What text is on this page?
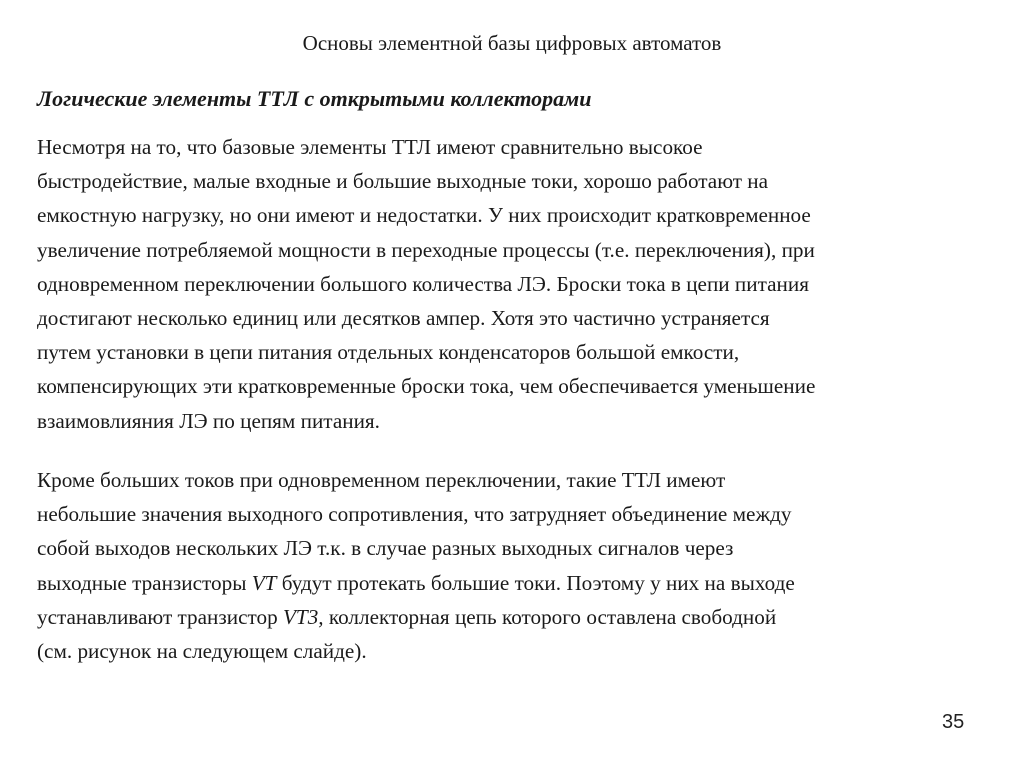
Основы элементной базы цифровых автоматов
Логические элементы ТТЛ с открытыми коллекторами

Несмотря на то, что базовые элементы ТТЛ имеют сравнительно высокое
быстродействие, малые входные и большие выходные токи, хорошо работают на
емкостную нагрузку, но они имеют и недостатки. У них происходит кратковременное
увеличение потребляемой мощности в переходные процессы (т.е. переключения), при
одновременном переключении большого количества ЛЭ. Броски тока в цепи питания
достигают несколько единиц или десятков ампер. Хотя это частично устраняется
путем установки в цепи питания отдельных конденсаторов большой емкости,
компенсирующих эти кратковременные броски тока, чем обеспечивается уменьшение
взаимовлияния ЛЭ по цепям питания.

Кроме больших токов при одновременном переключении, такие ТТЛ имеют
небольшие значения выходного сопротивления, что затрудняет объединение между
собой выходов нескольких ЛЭ т.к. в случае разных выходных сигналов через
выходные транзисторы VT будут протекать большие токи. Поэтому у них на выходе
устанавливают транзистор VT3, коллекторная цепь которого оставлена свободной
(см. рисунок на следующем слайде).

35
